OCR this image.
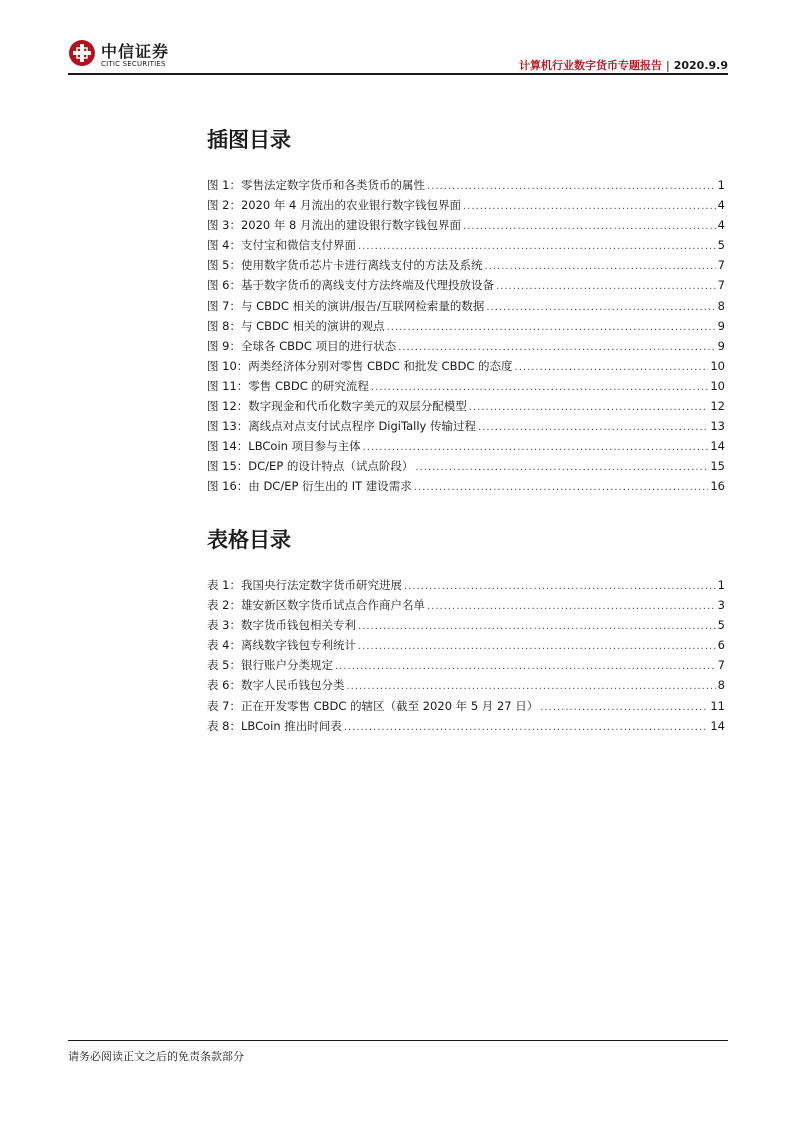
中信证券
CITIC SECURITIES	计算机行业数字货币专题报告 | 2020.9.9
插图目录
图 1：零售法定数字货币和各类货币的属性 .....	1
图 2：2020 年 4 月流出的农业银行数字钱包界面 .....	4
图 3：2020 年 8 月流出的建设银行数字钱包界面 .....	4
图 4：支付宝和微信支付界面 .....	5
图 5：使用数字货币芯片卡进行离线支付的方法及系统 .....	7
图 6：基于数字货币的离线支付方法终端及代理投放设备 .....	7
图 7：与 CBDC 相关的演讲/报告/互联网检索量的数据 .....	8
图 8：与 CBDC 相关的演讲的观点 .....	9
图 9：全球各 CBDC 项目的进行状态 .....	9
图 10：两类经济体分别对零售 CBDC 和批发 CBDC 的态度 .....	10
图 11：零售 CBDC 的研究流程 .....	10
图 12：数字现金和代币化数字美元的双层分配模型 .....	12
图 13：离线点对点支付试点程序 DigiTally 传输过程 .....	13
图 14：LBCoin 项目参与主体 .....	14
图 15：DC/EP 的设计特点（试点阶段） .....	15
图 16：由 DC/EP 衍生出的 IT 建设需求 .....	16
表格目录
表 1：我国央行法定数字货币研究进展 .....	1
表 2：雄安新区数字货币试点合作商户名单 .....	3
表 3：数字货币钱包相关专利 .....	5
表 4：离线数字钱包专利统计 .....	6
表 5：银行账户分类规定 .....	7
表 6：数字人民币钱包分类 .....	8
表 7：正在开发零售 CBDC 的辖区（截至 2020 年 5 月 27 日） .....	11
表 8：LBCoin 推出时间表 .....	14
请务必阅读正文之后的免责条款部分
